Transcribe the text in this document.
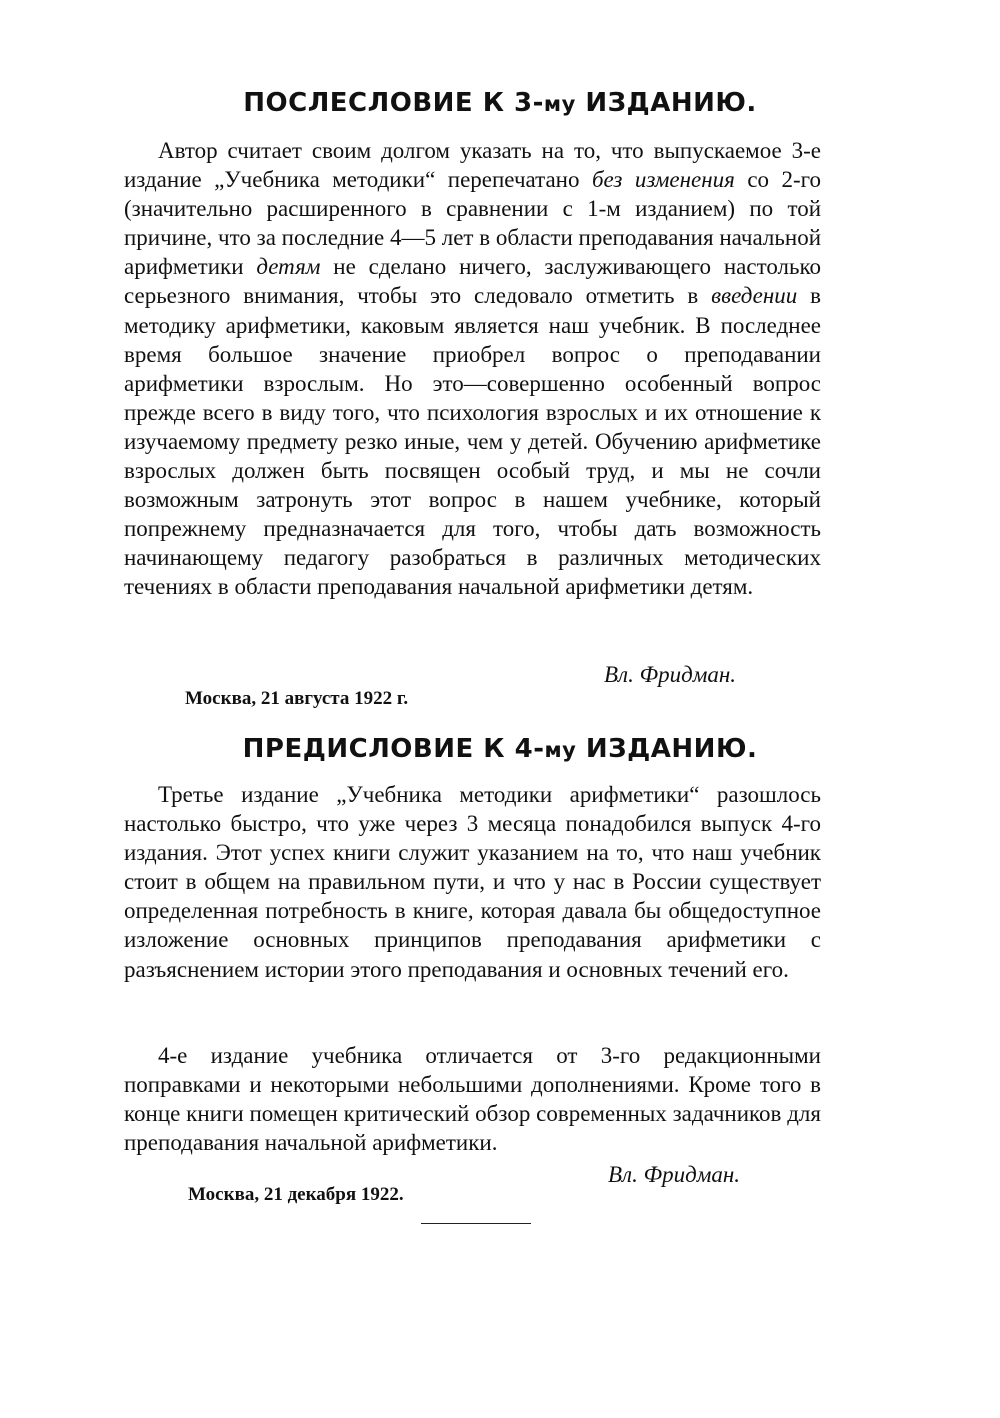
ПОСЛЕСЛОВИЕ К 3-му ИЗДАНИЮ.

Автор считает своим долгом указать на то, что выпускаемое 3-е издание „Учебника методики“ перепечатано без изменения со 2-го (значительно расширенного в сравнении с 1-м изданием) по той причине, что за последние 4—5 лет в области преподавания начальной арифметики детям не сделано ничего, заслуживающего настолько серьезного внимания, чтобы это следовало отметить в введении в методику арифметики, каковым является наш учебник. В последнее время большое значение приобрел вопрос о преподавании арифметики взрослым. Но это—совершенно особенный вопрос прежде всего в виду того, что психология взрослых и их отношение к изучаемому предмету резко иные, чем у детей. Обучению арифметике взрослых должен быть посвящен особый труд, и мы не сочли возможным затронуть этот вопрос в нашем учебнике, который попрежнему предназначается для того, чтобы дать возможность начинающему педагогу разобраться в различных методических течениях в области преподавания начальной арифметики детям.

Вл. Фридман.
Москва, 21 августа 1922 г.
ПРЕДИСЛОВИЕ К 4-му ИЗДАНИЮ.

Третье издание „Учебника методики арифметики“ разошлось настолько быстро, что уже через 3 месяца понадобился выпуск 4-го издания. Этот успех книги служит указанием на то, что наш учебник стоит в общем на правильном пути, и что у нас в России существует определенная потребность в книге, которая давала бы общедоступное изложение основных принципов преподавания арифметики с разъяснением истории этого преподавания и основных течений его.

4-е издание учебника отличается от 3-го редакционными поправками и некоторыми небольшими дополнениями. Кроме того в конце книги помещен критический обзор современных задачников для преподавания начальной арифметики.

Вл. Фридман.
Москва, 21 декабря 1922.
